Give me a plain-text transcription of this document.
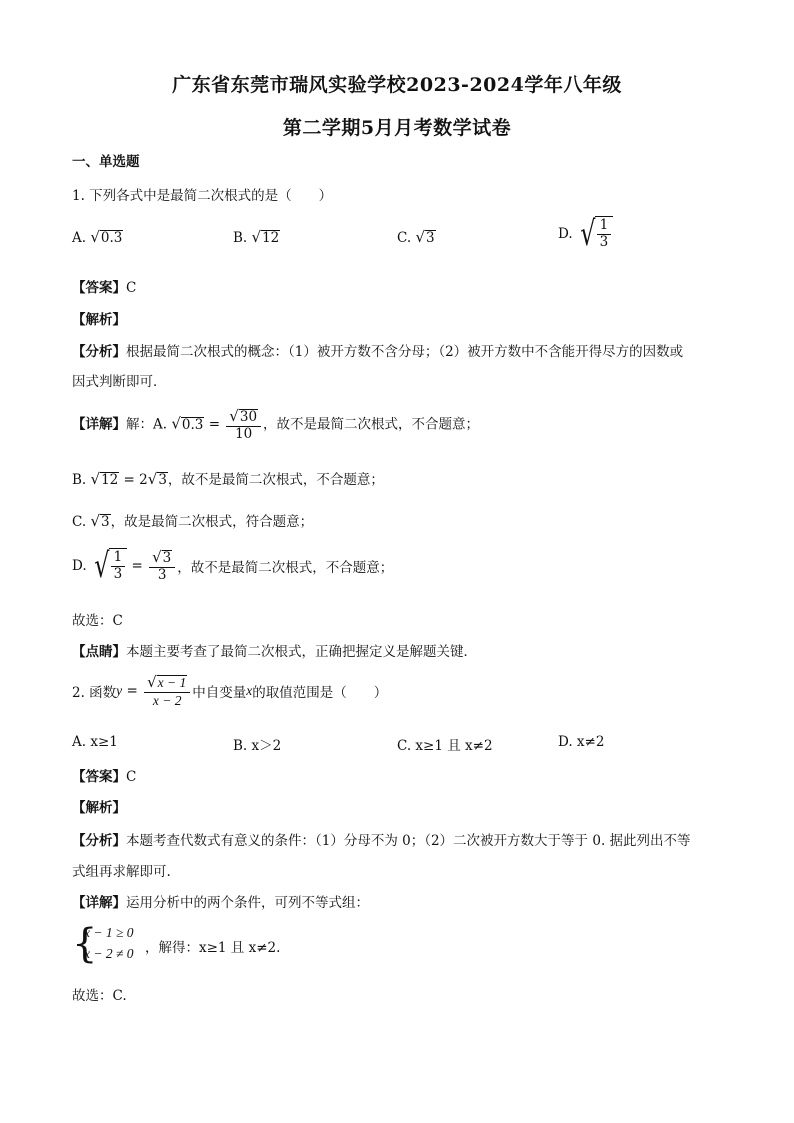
广东省东莞市瑞风实验学校2023-2024学年八年级
第二学期5月月考数学试卷
一、单选题
1. 下列各式中是最简二次根式的是（　　）
A. √0.3	B. √12	C. √3	D. √ $\frac{1}{3}$
【答案】C
【解析】
【分析】根据最简二次根式的概念：（1）被开方数不含分母；（2）被开方数中不含能开得尽方的因数或
因式判断即可．
【详解】解：A. $√0.3 = \frac{√30}{10}$ ，故不是最简二次根式，不合题意；
B. √12 = 2√3，故不是最简二次根式，不合题意；
C. √3，故是最简二次根式，符合题意；
D. √ $\frac{1}{3} = \frac{√3}{3}$ ，故不是最简二次根式，不合题意；
故选：C
【点睛】本题主要考查了最简二次根式，正确把握定义是解题关键．
2. 函数$y = \frac{√x - 1}{x - 2}$ 中自变量x的取值范围是（　　）
A. x≥1	B. x＞2	C. x≥1 且 x≠2	D. x≠2
【答案】C
【解析】
【分析】本题考查代数式有意义的条件：（1）分母不为 0；（2）二次被开方数大于等于 0. 据此列出不等
式组再求解即可.
【详解】运用分析中的两个条件，可列不等式组：
{
x − 1 ≥ 0
x − 2 ≠ 0 ，解得：x≥1 且 x≠2.
故选：C.
